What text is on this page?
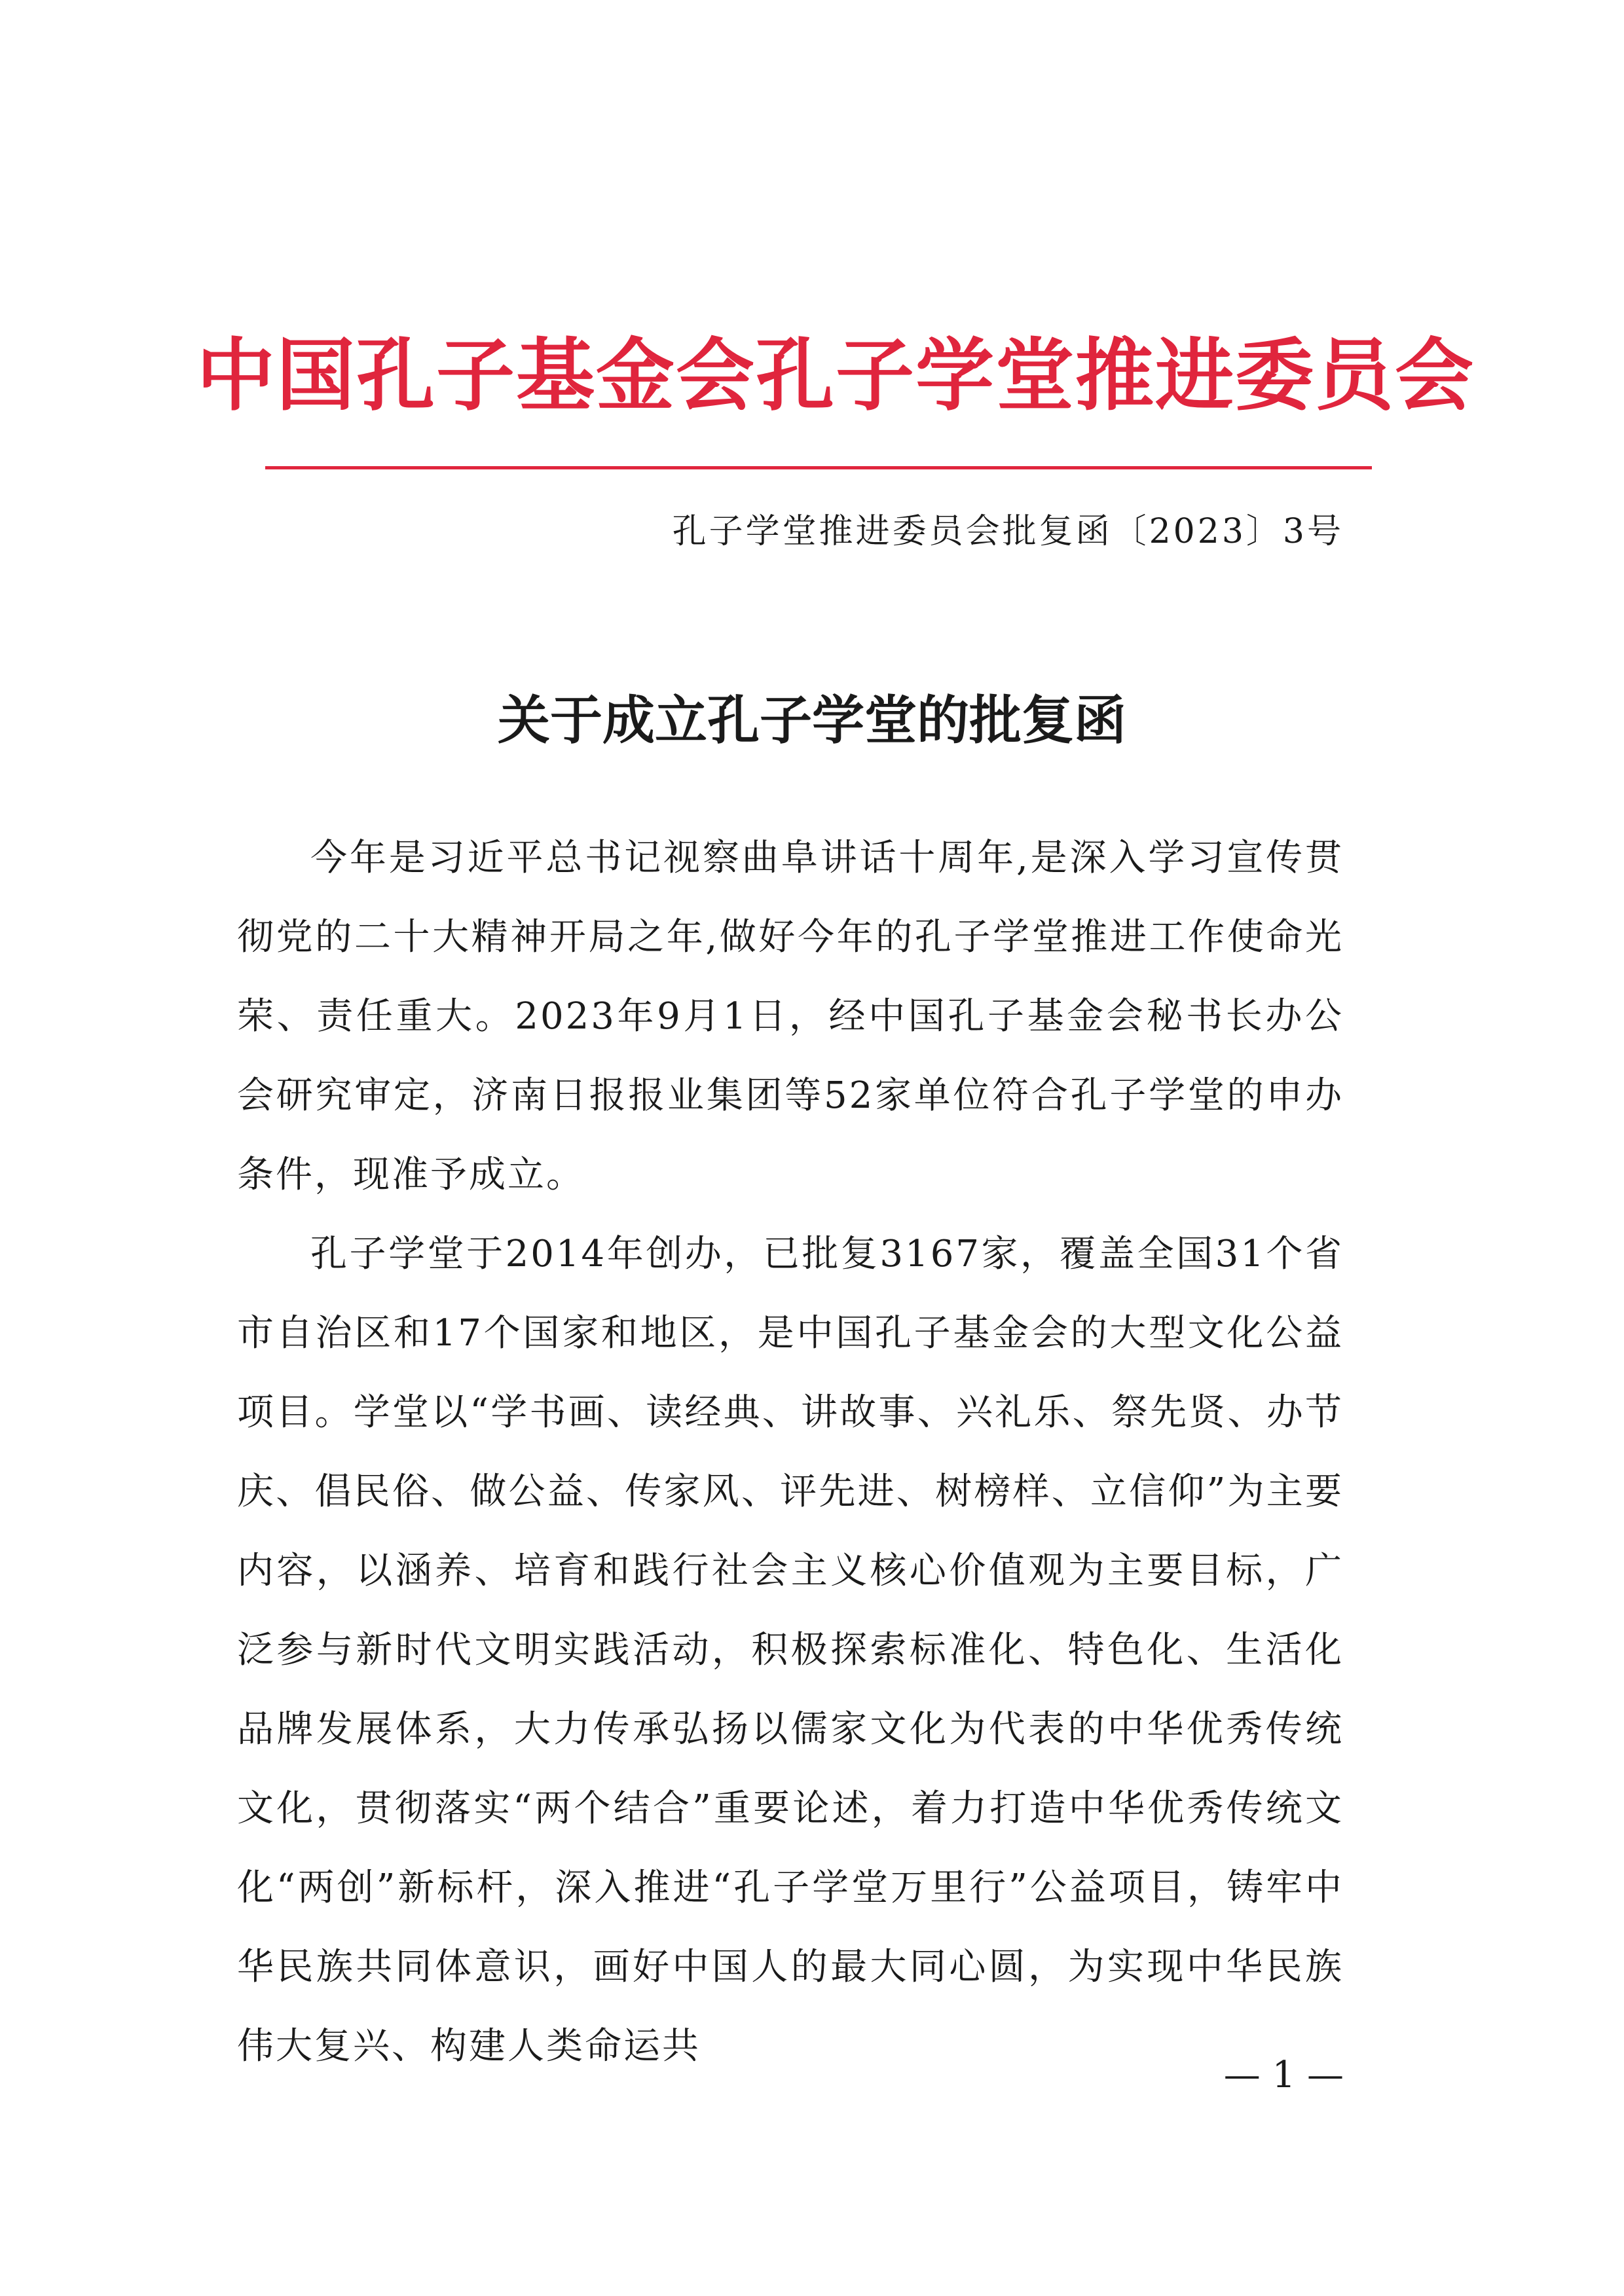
中国孔子基金会孔子学堂推进委员会
孔子学堂推进委员会批复函〔2023〕3号
关于成立孔子学堂的批复函

今年是习近平总书记视察曲阜讲话十周年,是深入学习宣传贯彻党的二十大精神开局之年,做好今年的孔子学堂推进工作使命光荣、责任重大。2023年9月1日，经中国孔子基金会秘书长办公会研究审定，济南日报报业集团等52家单位符合孔子学堂的申办条件，现准予成立。

孔子学堂于2014年创办，已批复3167家，覆盖全国31个省市自治区和17个国家和地区，是中国孔子基金会的大型文化公益项目。学堂以“学书画、读经典、讲故事、兴礼乐、祭先贤、办节庆、倡民俗、做公益、传家风、评先进、树榜样、立信仰”为主要内容，以涵养、培育和践行社会主义核心价值观为主要目标，广泛参与新时代文明实践活动，积极探索标准化、特色化、生活化品牌发展体系，大力传承弘扬以儒家文化为代表的中华优秀传统文化，贯彻落实“两个结合”重要论述，着力打造中华优秀传统文化“两创”新标杆，深入推进“孔子学堂万里行”公益项目，铸牢中华民族共同体意识，画好中国人的最大同心圆，为实现中华民族伟大复兴、构建人类命运共

— 1 —
